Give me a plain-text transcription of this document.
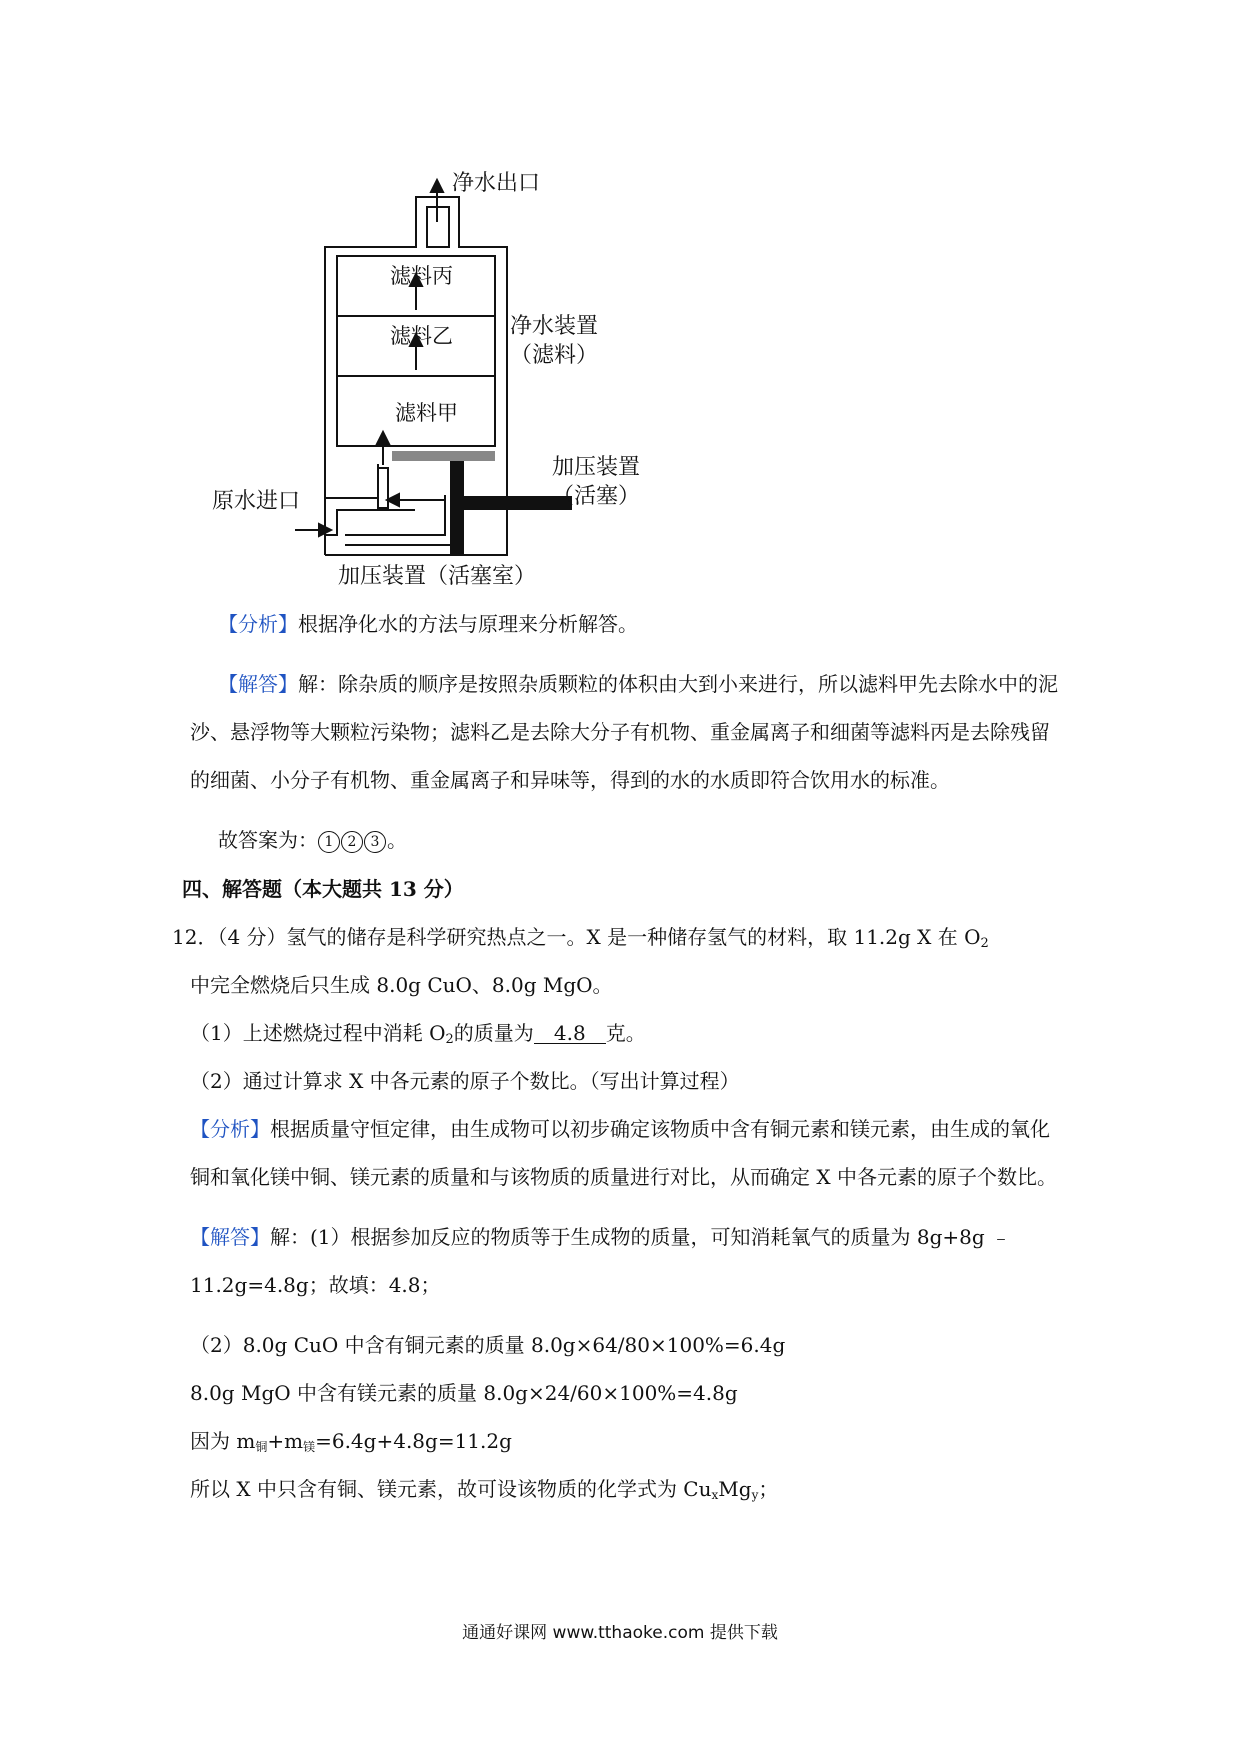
净水出口
滤料丙
滤料乙
滤料甲
净水装置
（滤料）
加压装置
（活塞）
原水进口
加压装置（活塞室）
【分析】根据净化水的方法与原理来分析解答。
【解答】解：除杂质的顺序是按照杂质颗粒的体积由大到小来进行，所以滤料甲先去除水中的泥沙、悬浮物等大颗粒污染物；滤料乙是去除大分子有机物、重金属离子和细菌等滤料丙是去除残留的细菌、小分子有机物、重金属离子和异味等，得到的水的水质即符合饮用水的标准。
故答案为： 1 2 3 。
四、解答题（本大题共 13 分）
12．（4 分）氢气的储存是科学研究热点之一。X 是一种储存氢气的材料，取 11.2g X 在 $O_2$
中完全燃烧后只生成 8.0g CuO、8.0g MgO。
（1）上述燃烧过程中消耗 $O_2$的质量为 4.8 克。
（2）通过计算求 X 中各元素的原子个数比。（写出计算过程）
【分析】根据质量守恒定律，由生成物可以初步确定该物质中含有铜元素和镁元素，由生成的氧化铜和氧化镁中铜、镁元素的质量和与该物质的质量进行对比，从而确定 X 中各元素的原子个数比。
【解答】解：(1）根据参加反应的物质等于生成物的质量，可知消耗氧气的质量为 8g+8g ﹣11.2g=4.8g；故填：4.8；
（2）8.0g CuO 中含有铜元素的质量 8.0g×64/80×100%=6.4g
8.0g MgO 中含有镁元素的质量 8.0g×24/60×100%=4.8g
因为 $m_铜+m_镁=6.4g+4.8g=11.2g$
所以 X 中只含有铜、镁元素，故可设该物质的化学式为 $Cu_xMg_y$；
通通好课网 www.tthaoke.com 提供下载
